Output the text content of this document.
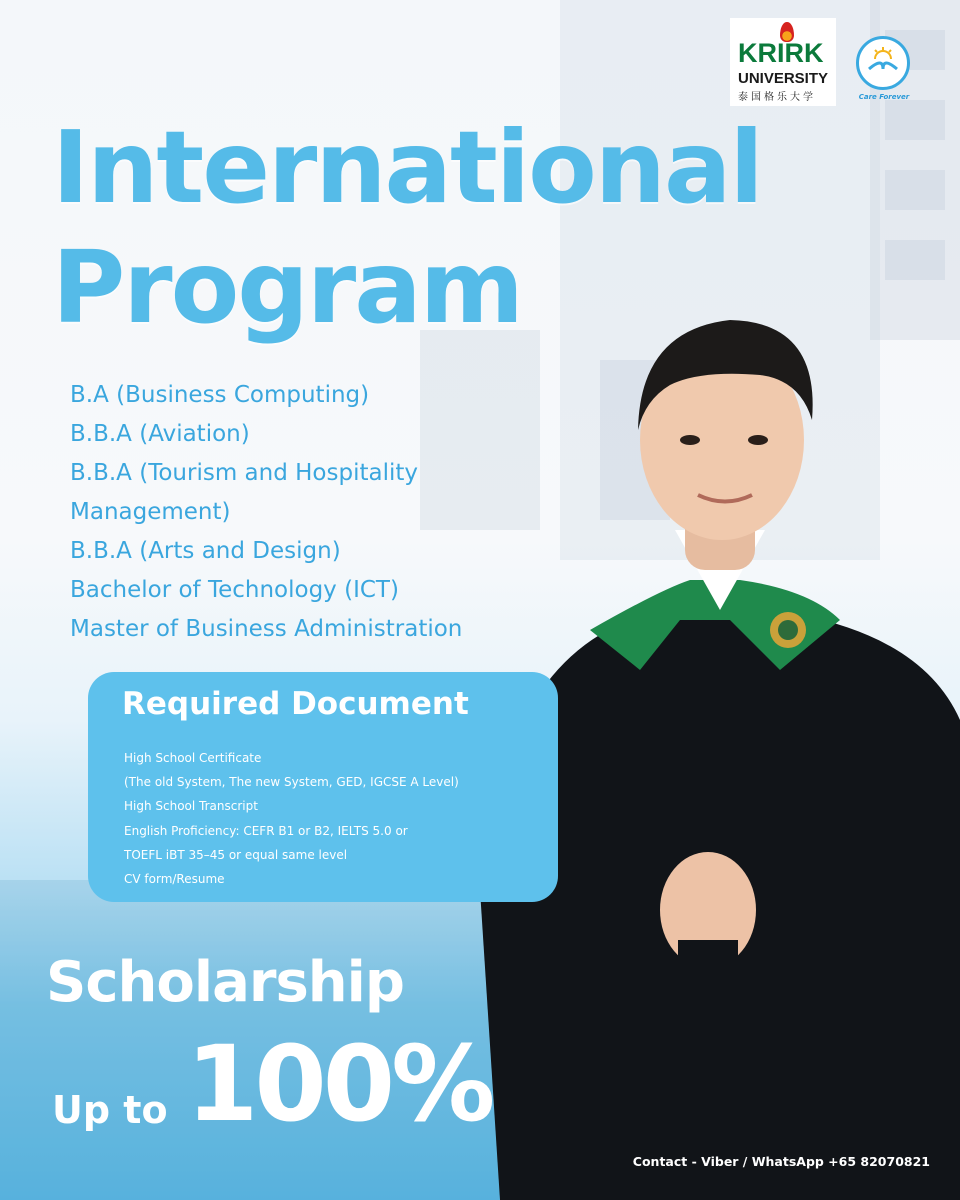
KRIRK
UNIVERSITY
泰国格乐大学	Care Forever
International
Program
B.A (Business Computing)
B.B.A (Aviation)
B.B.A (Tourism and Hospitality
Management)
B.B.A (Arts and Design)
Bachelor of Technology (ICT)
Master of Business Administration
Required Document
High School Certificate
(The old System, The new System, GED, IGCSE A Level)
High School Transcript
English Proficiency: CEFR B1 or B2, IELTS 5.0 or
TOEFL iBT 35–45 or equal same level
CV form/Resume
Scholarship
Up to 100%
Contact - Viber / WhatsApp +65 82070821
